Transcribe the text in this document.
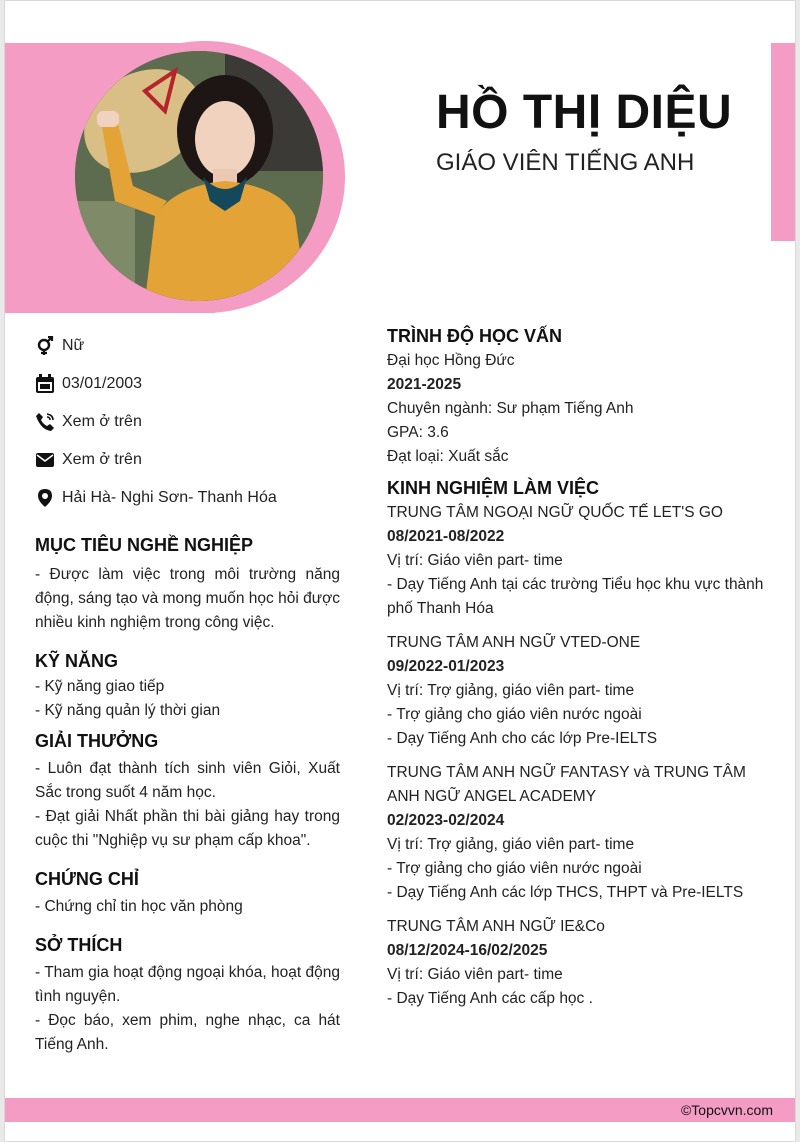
HỒ THỊ DIỆU
GIÁO VIÊN TIẾNG ANH
Nữ
03/01/2003
Xem ở trên
Xem ở trên
Hải Hà- Nghi Sơn- Thanh Hóa
MỤC TIÊU NGHỀ NGHIỆP
- Được làm việc trong môi trường năng động, sáng tạo và mong muốn học hỏi được nhiều kinh nghiệm trong công việc.
KỸ NĂNG
- Kỹ năng giao tiếp
- Kỹ năng quản lý thời gian
GIẢI THƯỞNG
- Luôn đạt thành tích sinh viên Giỏi, Xuất Sắc trong suốt 4 năm học.
- Đạt giải Nhất phần thi bài giảng hay trong cuộc thi "Nghiệp vụ sư phạm cấp khoa".
CHỨNG CHỈ
- Chứng chỉ tin học văn phòng
SỞ THÍCH
- Tham gia hoạt động ngoại khóa, hoạt động tình nguyện.
- Đọc báo, xem phim, nghe nhạc, ca hát Tiếng Anh.
TRÌNH ĐỘ HỌC VẤN
Đại học Hồng Đức
2021-2025
Chuyên ngành: Sư phạm Tiếng Anh
GPA: 3.6
Đạt loại: Xuất sắc
KINH NGHIỆM LÀM VIỆC
TRUNG TÂM NGOẠI NGỮ QUỐC TẾ LET'S GO
08/2021-08/2022
Vị trí: Giáo viên part- time
- Dạy Tiếng Anh tại các trường Tiểu học khu vực thành phố Thanh Hóa
TRUNG TÂM ANH NGỮ VTED-ONE
09/2022-01/2023
Vị trí: Trợ giảng, giáo viên part- time
- Trợ giảng cho giáo viên nước ngoài
- Dạy Tiếng Anh cho các lớp Pre-IELTS
TRUNG TÂM ANH NGỮ FANTASY và TRUNG TÂM ANH NGỮ ANGEL ACADEMY
02/2023-02/2024
Vị trí: Trợ giảng, giáo viên part- time
- Trợ giảng cho giáo viên nước ngoài
- Dạy Tiếng Anh các lớp THCS, THPT và Pre-IELTS
TRUNG TÂM ANH NGỮ IE&Co
08/12/2024-16/02/2025
Vị trí: Giáo viên part- time
- Dạy Tiếng Anh các cấp học .
©Topcvvn.com
